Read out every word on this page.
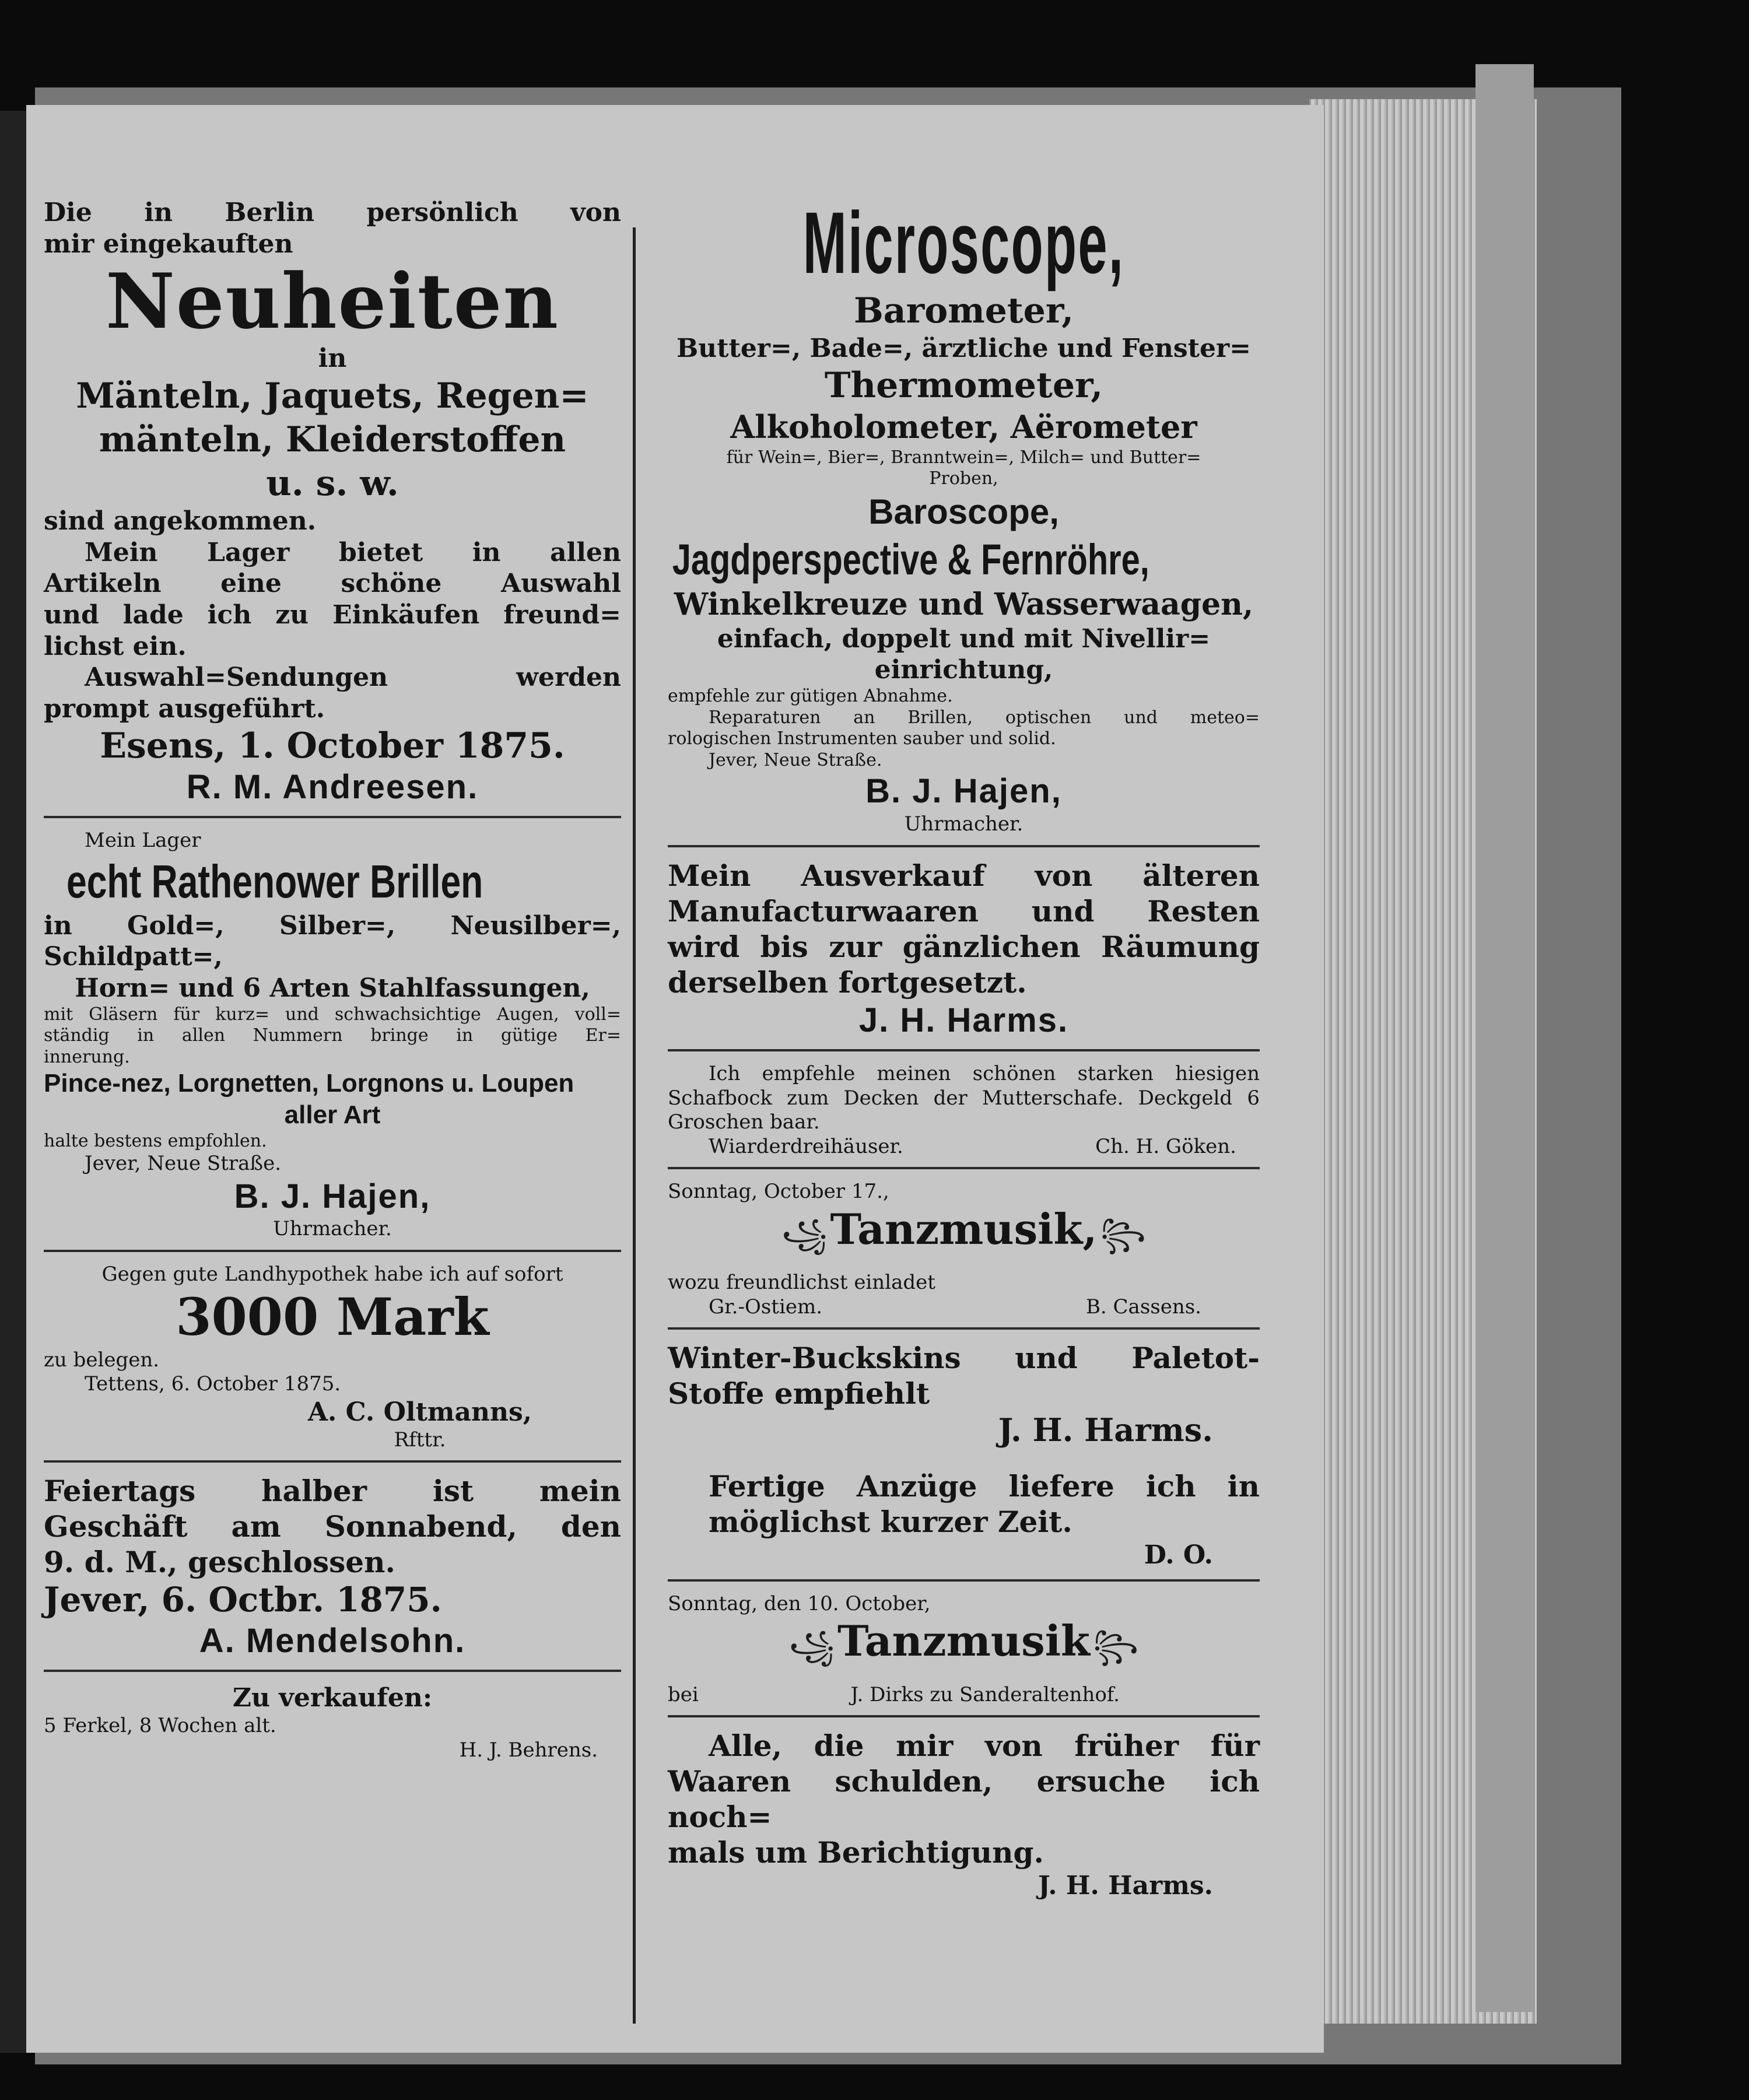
Die in Berlin persönlich von
mir eingekauften
Neuheiten
in
Mänteln, Jaquets, Regen=
mänteln, Kleiderstoffen
u. s. w.
sind angekommen.
Mein Lager bietet in allen
Artikeln eine schöne Auswahl
und lade ich zu Einkäufen freund=
lichst ein.
Auswahl=Sendungen werden
prompt ausgeführt.
Esens, 1. October 1875.
R. M. Andreesen.
Mein Lager
echt Rathenower Brillen
in Gold=, Silber=, Neusilber=, Schildpatt=,
Horn= und 6 Arten Stahlfassungen,
mit Gläsern für kurz= und schwachsichtige Augen, voll=
ständig in allen Nummern bringe in gütige Er=
innerung.
Pince-nez, Lorgnetten, Lorgnons u. Loupen
aller Art
halte bestens empfohlen.
Jever, Neue Straße.
B. J. Hajen,
Uhrmacher.
Gegen gute Landhypothek habe ich auf sofort
3000 Mark
zu belegen.
Tettens, 6. October 1875.
A. C. Oltmanns,
Rfttr.
Feiertags halber ist mein
Geschäft am Sonnabend, den
9. d. M., geschlossen.
Jever, 6. Octbr. 1875.
A. Mendelsohn.
Zu verkaufen:
5 Ferkel, 8 Wochen alt.
H. J. Behrens.
Microscope,
Barometer,
Butter=, Bade=, ärztliche und Fenster=
Thermometer,
Alkoholometer, Aërometer
für Wein=, Bier=, Branntwein=, Milch= und Butter=
Proben,
Baroscope,
Jagdperspective & Fernröhre,
Winkelkreuze und Wasserwaagen,
einfach, doppelt und mit Nivellir=
einrichtung,
empfehle zur gütigen Abnahme.
Reparaturen an Brillen, optischen und meteo=
rologischen Instrumenten sauber und solid.
Jever, Neue Straße.
B. J. Hajen,
Uhrmacher.
Mein Ausverkauf von älteren
Manufacturwaaren und Resten
wird bis zur gänzlichen Räumung
derselben fortgesetzt.
J. H. Harms.
Ich empfehle meinen schönen starken hiesigen
Schafbock zum Decken der Mutterschafe. Deckgeld 6
Groschen baar.
Wiarderdreihäuser.	Ch. H. Göken.
Sonntag, October 17.,
꧁ Tanzmusik, ꧂
wozu freundlichst einladet
Gr.-Ostiem.	B. Cassens.
Winter-Buckskins und Paletot-
Stoffe empfiehlt
J. H. Harms.
Fertige Anzüge liefere ich in
möglichst kurzer Zeit.
D. O.
Sonntag, den 10. October,
꧁ Tanzmusik ꧂
bei	J. Dirks zu Sanderaltenhof.
Alle, die mir von früher für
Waaren schulden, ersuche ich noch=
mals um Berichtigung.
J. H. Harms.
